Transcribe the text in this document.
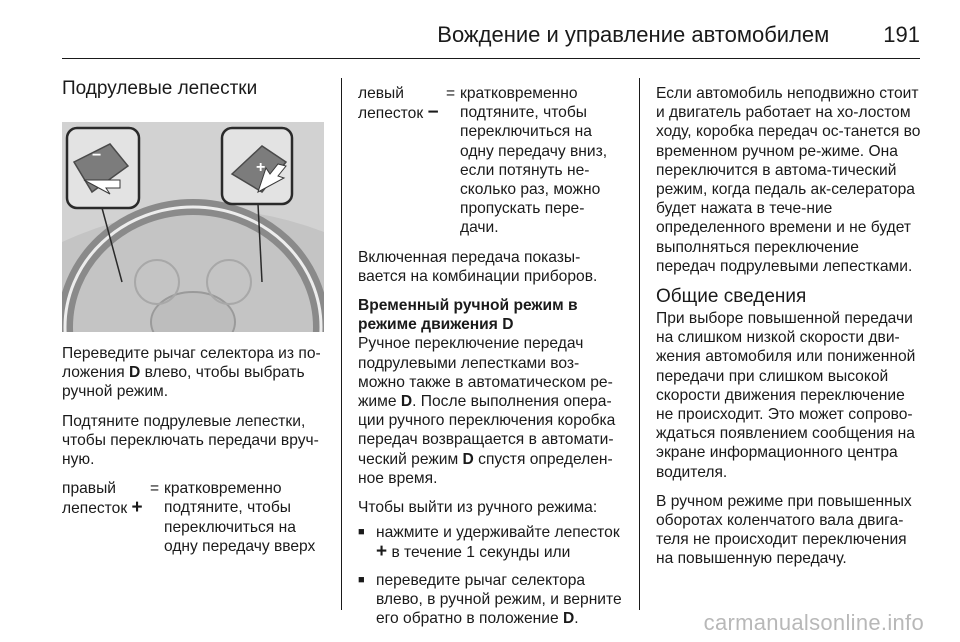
Вождение и управление автомобилем 191
Подрулевые лепестки
−
+

Переведите рычаг селектора из по-ложения D влево, чтобы выбрать ручной режим.

Подтяните подрулевые лепестки, чтобы переключать передачи вруч-ную.

правый лепесток +
= кратковременно подтяните, чтобы переключиться на одну передачу вверх
левый лепесток −
= кратковременно подтяните, чтобы переключиться на одну передачу вниз, если потянуть не-сколько раз, можно пропускать пере-дачи.

Включенная передача показы-вается на комбинации приборов.

Временный ручной режим в режиме движения D

Ручное переключение передач подрулевыми лепестками воз-можно также в автоматическом ре-жиме D. После выполнения опера-ции ручного переключения коробка передач возвращается в автомати-ческий режим D спустя определен-ное время.

Чтобы выйти из ручного режима:

■ нажмите и удерживайте лепесток + в течение 1 секунды или
■ переведите рычаг селектора влево, в ручной режим, и верните его обратно в положение D.

Если автомобиль неподвижно стоит и двигатель работает на хо-лостом ходу, коробка передач ос-танется во временном ручном ре-жиме. Она переключится в автома-тический режим, когда педаль ак-селератора будет нажата в тече-ние определенного времени и не будет выполняться переключение передач подрулевыми лепестками.

Общие сведения

При выборе повышенной передачи на слишком низкой скорости дви-жения автомобиля или пониженной передачи при слишком высокой скорости движения переключение не происходит. Это может сопрово-ждаться появлением сообщения на экране информационного центра водителя.

В ручном режиме при повышенных оборотах коленчатого вала двига-теля не происходит переключения на повышенную передачу.

carmanualsonline.info
